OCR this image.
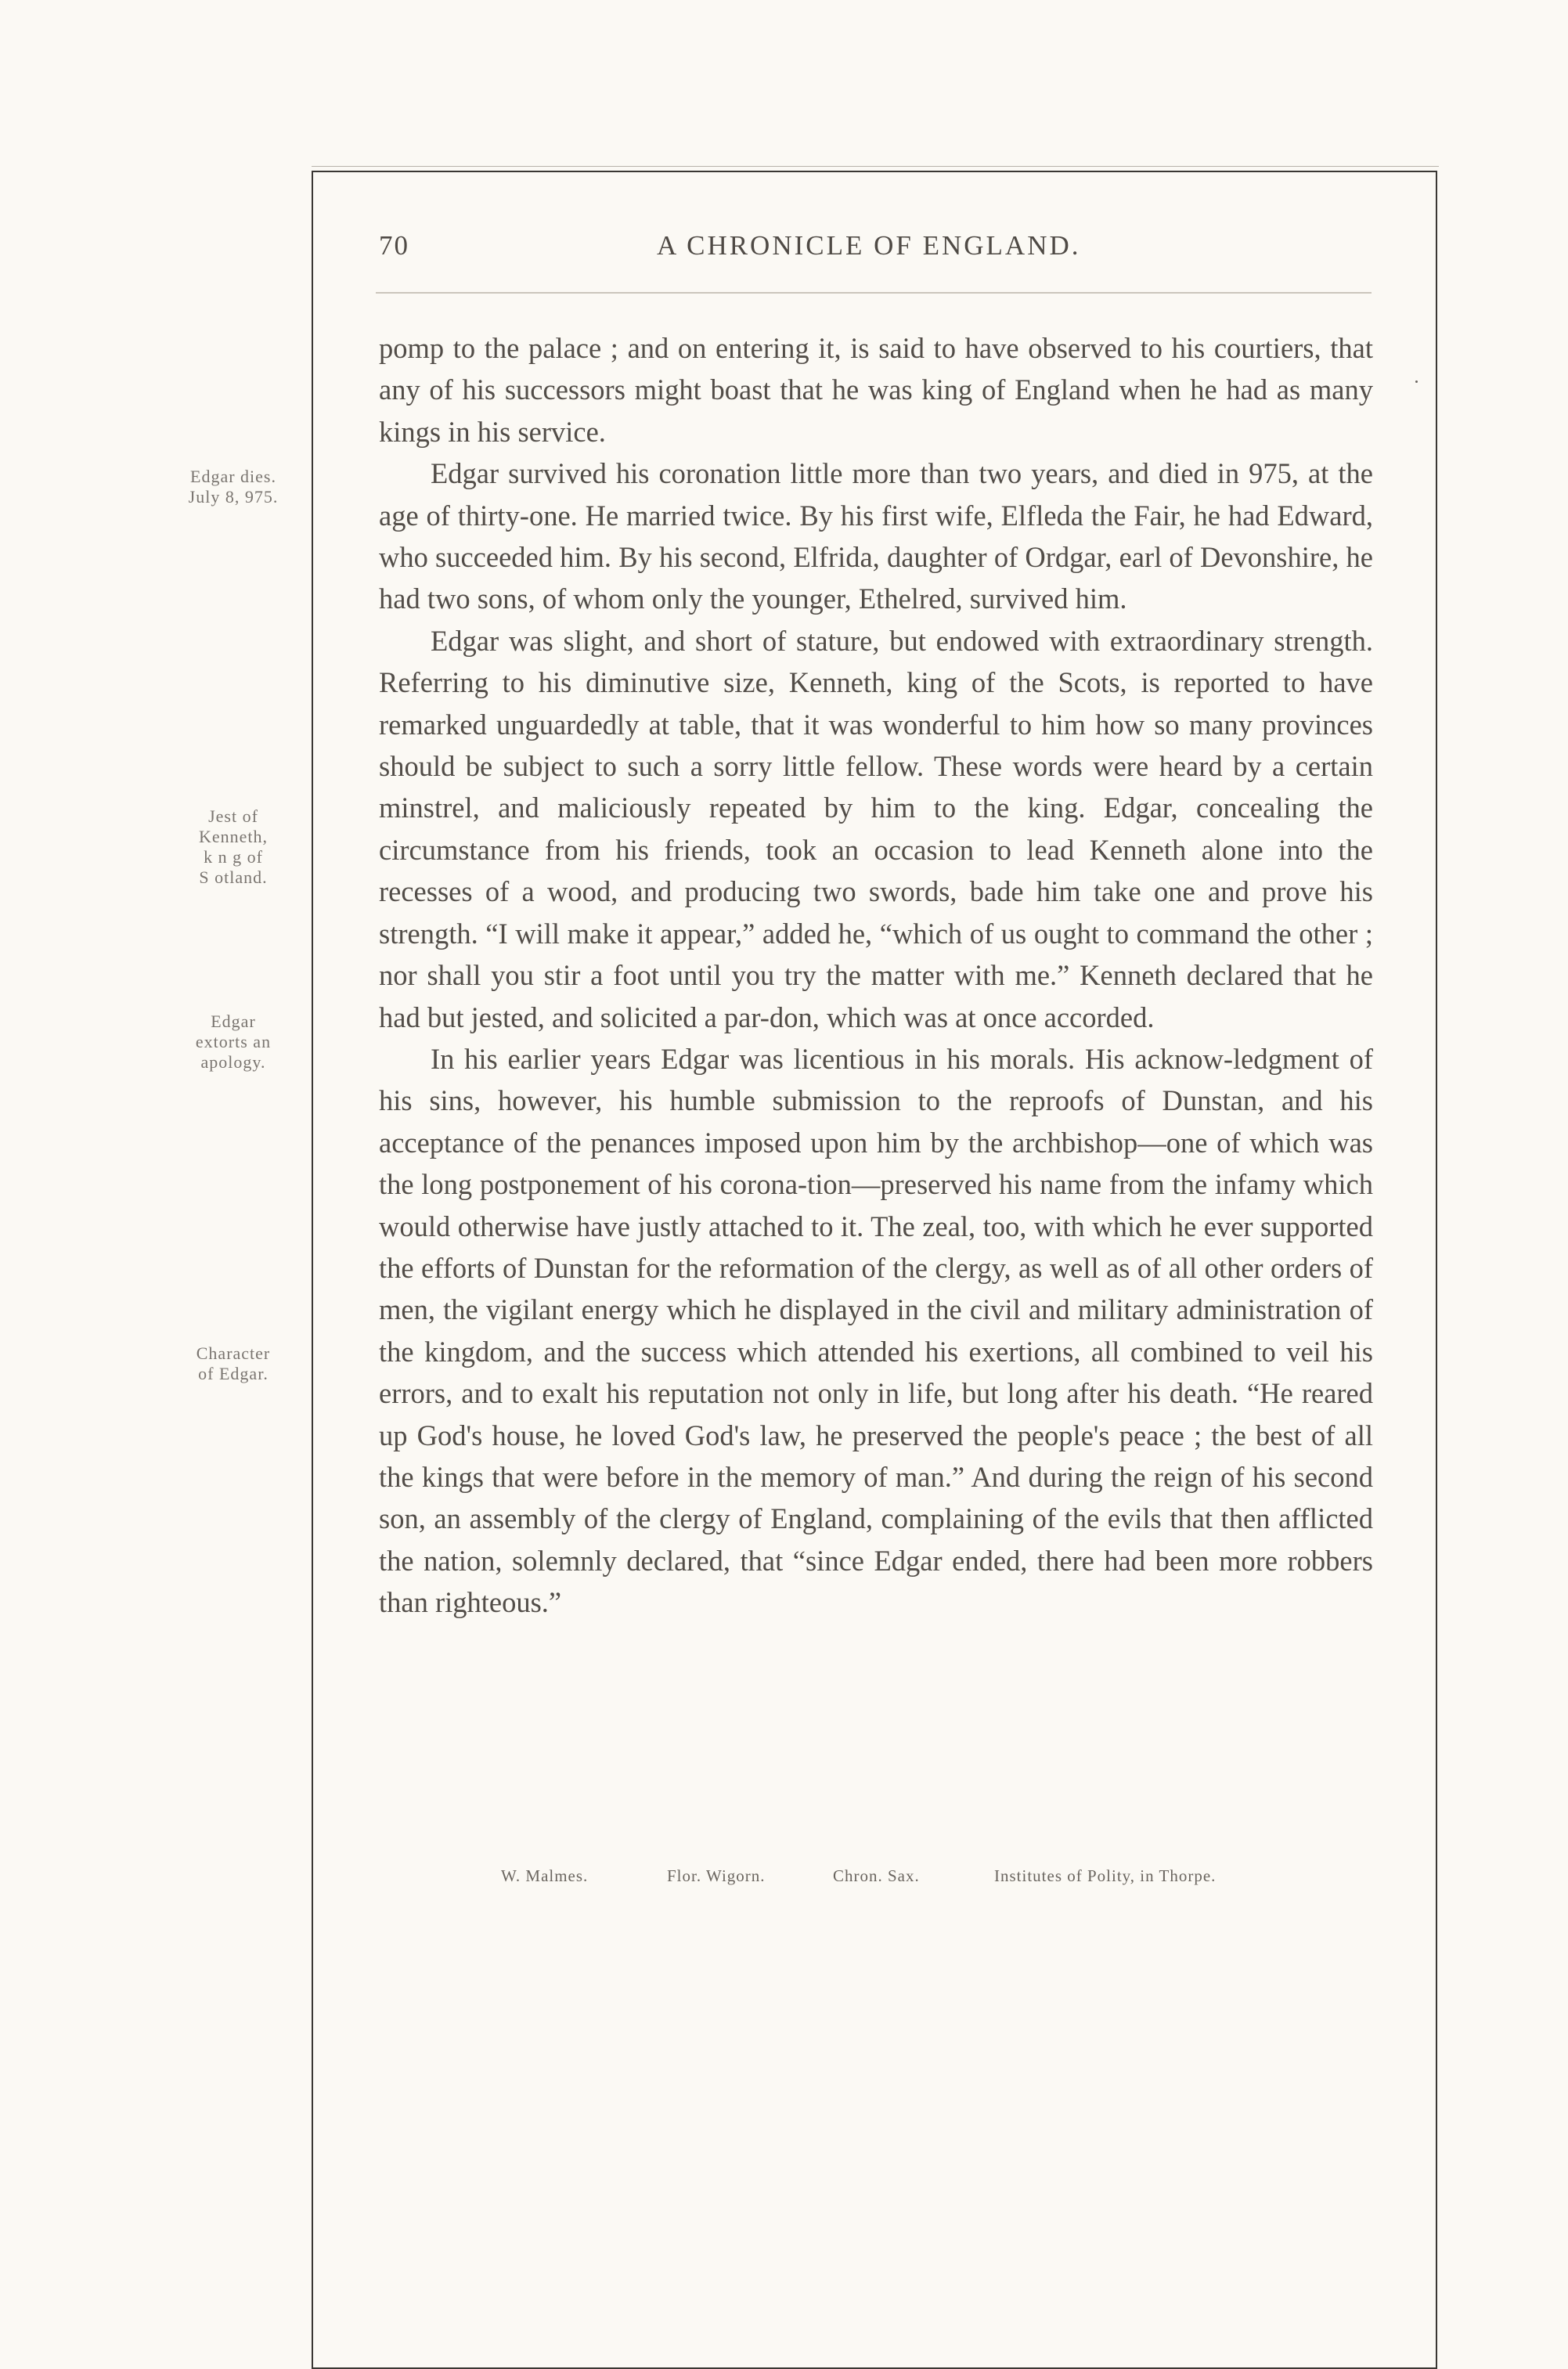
70	A CHRONICLE OF ENGLAND.
Edgar dies.
July 8, 975.
Jest of
Kenneth,
k n g of
S otland.
Edgar
extorts an
apology.
Character
of Edgar.

pomp to the palace ; and on entering it, is said to have observed to his courtiers, that any of his successors might boast that he was king of England when he had as many kings in his service.

Edgar survived his coronation little more than two years, and died in 975, at the age of thirty-one. He married twice. By his first wife, Elfleda the Fair, he had Edward, who succeeded him. By his second, Elfrida, daughter of Ordgar, earl of Devonshire, he had two sons, of whom only the younger, Ethelred, survived him.

Edgar was slight, and short of stature, but endowed with extraordinary strength. Referring to his diminutive size, Kenneth, king of the Scots, is reported to have remarked unguardedly at table, that it was wonderful to him how so many provinces should be subject to such a sorry little fellow. These words were heard by a certain minstrel, and maliciously repeated by him to the king. Edgar, concealing the circumstance from his friends, took an occasion to lead Kenneth alone into the recesses of a wood, and producing two swords, bade him take one and prove his strength. “I will make it appear,” added he, “which of us ought to command the other ; nor shall you stir a foot until you try the matter with me.” Kenneth declared that he had but jested, and solicited a par-don, which was at once accorded.

In his earlier years Edgar was licentious in his morals. His acknow-ledgment of his sins, however, his humble submission to the reproofs of Dunstan, and his acceptance of the penances imposed upon him by the archbishop—one of which was the long postponement of his corona-tion—preserved his name from the infamy which would otherwise have justly attached to it. The zeal, too, with which he ever supported the efforts of Dunstan for the reformation of the clergy, as well as of all other orders of men, the vigilant energy which he displayed in the civil and military administration of the kingdom, and the success which attended his exertions, all combined to veil his errors, and to exalt his reputation not only in life, but long after his death. “He reared up God's house, he loved God's law, he preserved the people's peace ; the best of all the kings that were before in the memory of man.” And during the reign of his second son, an assembly of the clergy of England, complaining of the evils that then afflicted the nation, solemnly declared, that “since Edgar ended, there had been more robbers than righteous.”

W. Malmes.	Flor. Wigorn.	Chron. Sax.	Institutes of Polity, in Thorpe.
